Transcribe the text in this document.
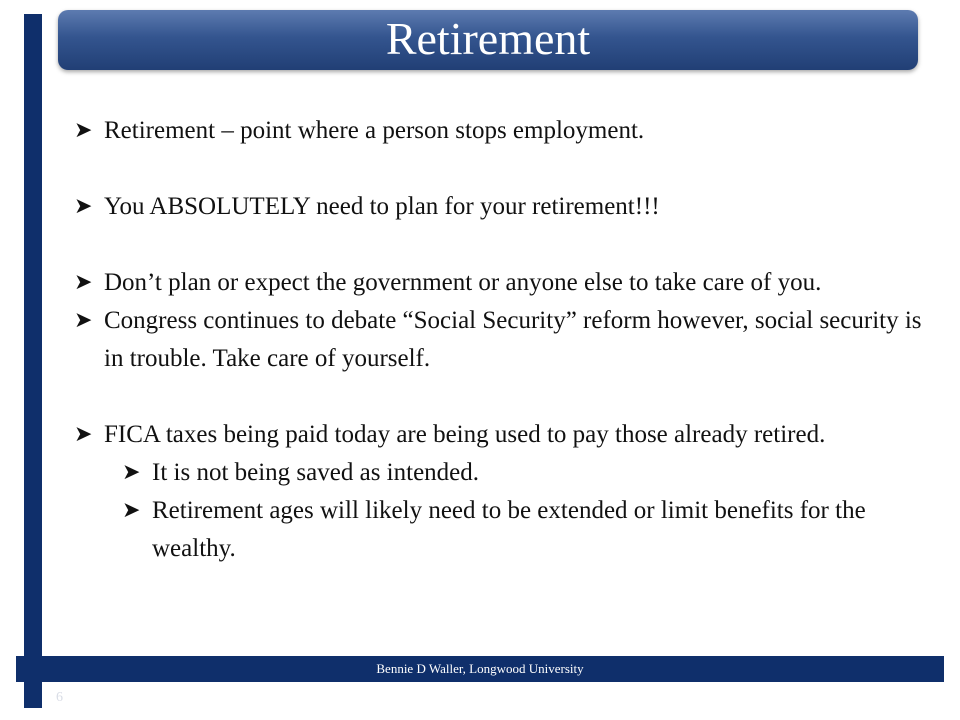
Retirement

➤ Retirement – point where a person stops employment.

➤ You ABSOLUTELY need to plan for your retirement!!!

➤ Don’t plan or expect the government or anyone else to take care of you.

➤ Congress continues to debate “Social Security” reform however, social security is in trouble. Take care of yourself.

➤ FICA taxes being paid today are being used to pay those already retired.

➤ It is not being saved as intended.

➤ Retirement ages will likely need to be extended or limit benefits for the wealthy.

Bennie D Waller, Longwood University
6
